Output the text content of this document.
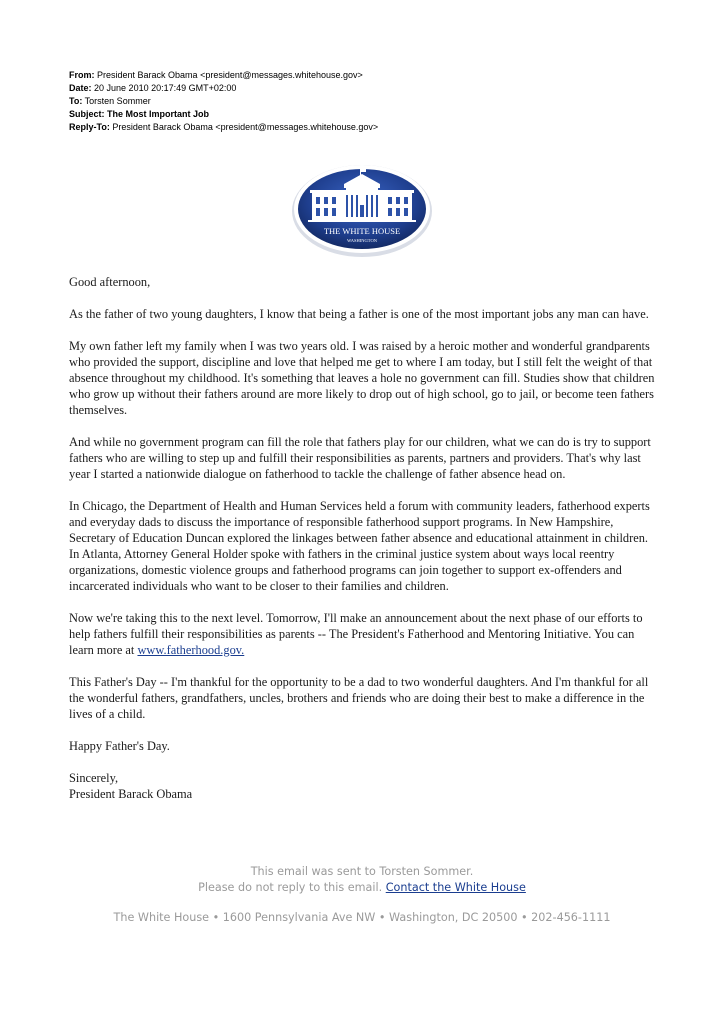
From: President Barack Obama <president@messages.whitehouse.gov>
Date: 20 June 2010 20:17:49 GMT+02:00
To: Torsten Sommer
Subject: The Most Important Job
Reply-To: President Barack Obama <president@messages.whitehouse.gov>
THE WHITE HOUSE
WASHINGTON

Good afternoon,

As the father of two young daughters, I know that being a father is one of the most important jobs any man can have.

My own father left my family when I was two years old. I was raised by a heroic mother and wonderful grandparents who provided the support, discipline and love that helped me get to where I am today, but I still felt the weight of that absence throughout my childhood. It's something that leaves a hole no government can fill. Studies show that children who grow up without their fathers around are more likely to drop out of high school, go to jail, or become teen fathers themselves.

And while no government program can fill the role that fathers play for our children, what we can do is try to support fathers who are willing to step up and fulfill their responsibilities as parents, partners and providers. That's why last year I started a nationwide dialogue on fatherhood to tackle the challenge of father absence head on.

In Chicago, the Department of Health and Human Services held a forum with community leaders, fatherhood experts and everyday dads to discuss the importance of responsible fatherhood support programs. In New Hampshire, Secretary of Education Duncan explored the linkages between father absence and educational attainment in children. In Atlanta, Attorney General Holder spoke with fathers in the criminal justice system about ways local reentry organizations, domestic violence groups and fatherhood programs can join together to support ex-offenders and incarcerated individuals who want to be closer to their families and children.

Now we're taking this to the next level. Tomorrow, I'll make an announcement about the next phase of our efforts to help fathers fulfill their responsibilities as parents -- The President's Fatherhood and Mentoring Initiative. You can learn more at www.fatherhood.gov.

This Father's Day -- I'm thankful for the opportunity to be a dad to two wonderful daughters. And I'm thankful for all the wonderful fathers, grandfathers, uncles, brothers and friends who are doing their best to make a difference in the lives of a child.

Happy Father's Day.

Sincerely,

President Barack Obama

This email was sent to Torsten Sommer.
Please do not reply to this email. Contact the White House
The White House • 1600 Pennsylvania Ave NW • Washington, DC 20500 • 202-456-1111
